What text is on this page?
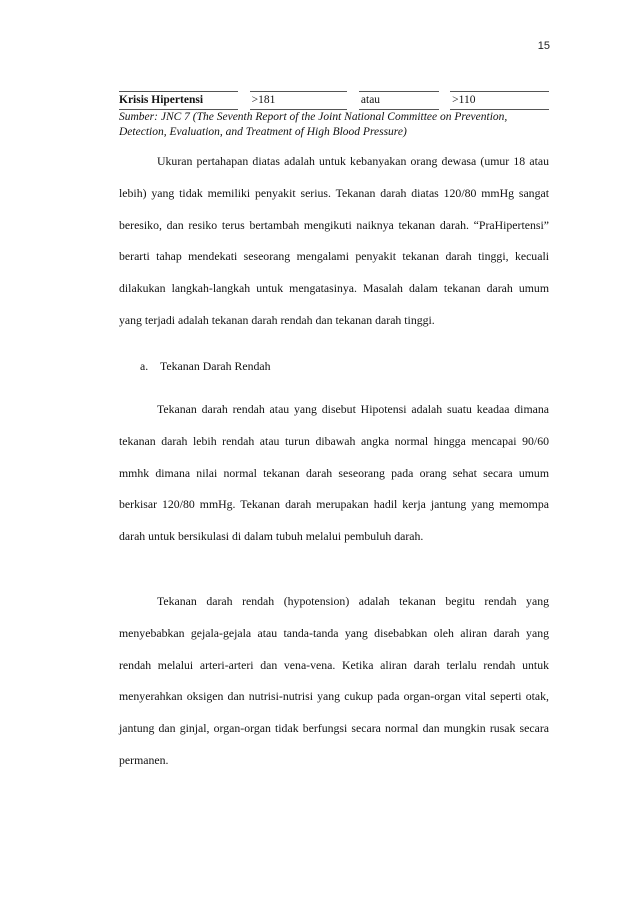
15
Krisis Hipertensi		>181		atau		>110
Sumber: JNC 7 (The Seventh Report of the Joint National Committee on Prevention, Detection, Evaluation, and Treatment of High Blood Pressure)

Ukuran pertahapan diatas adalah untuk kebanyakan orang dewasa (umur 18 atau lebih) yang tidak memiliki penyakit serius. Tekanan darah diatas 120/80 mmHg sangat beresiko, dan resiko terus bertambah mengikuti naiknya tekanan darah. “PraHipertensi” berarti tahap mendekati seseorang mengalami penyakit tekanan darah tinggi, kecuali dilakukan langkah-langkah untuk mengatasinya. Masalah dalam tekanan darah umum yang terjadi adalah tekanan darah rendah dan tekanan darah tinggi.

a. Tekanan Darah Rendah

Tekanan darah rendah atau yang disebut Hipotensi adalah suatu keadaa dimana tekanan darah lebih rendah atau turun dibawah angka normal hingga mencapai 90/60 mmhk dimana nilai normal tekanan darah seseorang pada orang sehat secara umum berkisar 120/80 mmHg. Tekanan darah merupakan hadil kerja jantung yang memompa darah untuk bersikulasi di dalam tubuh melalui pembuluh darah.

Tekanan darah rendah (hypotension) adalah tekanan begitu rendah yang menyebabkan gejala-gejala atau tanda-tanda yang disebabkan oleh aliran darah yang rendah melalui arteri-arteri dan vena-vena. Ketika aliran darah terlalu rendah untuk menyerahkan oksigen dan nutrisi-nutrisi yang cukup pada organ-organ vital seperti otak, jantung dan ginjal, organ-organ tidak berfungsi secara normal dan mungkin rusak secara permanen.
